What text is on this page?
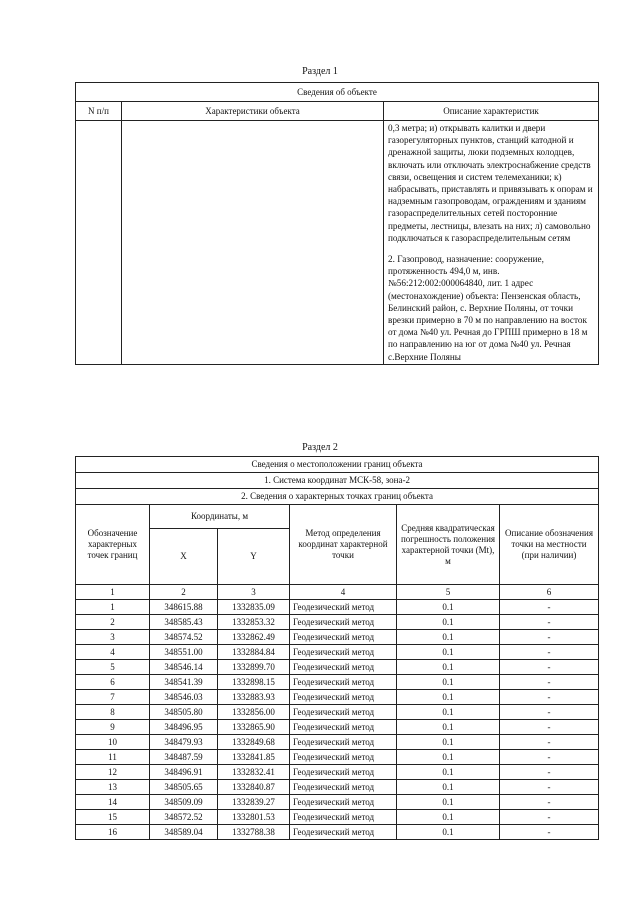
Раздел 1
Сведения об объекте		
N п/п	Характеристики объекта	Описание характеристик

		0,3 метра; и) открывать калитки и двери газорегуляторных пунктов, станций катодной и дренажной защиты, люки подземных колодцев, включать или отключать электроснабжение средств связи, освещения и систем телемеханики; к) набрасывать, приставлять и привязывать к опорам и надземным газопроводам, ограждениям и зданиям газораспределительных сетей посторонние предметы, лестницы, влезать на них; л) самовольно подключаться к газораспределительным сетям
2. Газопровод, назначение: сооружение, протяженность 494,0 м, инв.№56:212:002:000064840, лит. 1 адрес (местонахождение) объекта: Пензенская область, Белинский район, с. Верхние Поляны, от точки врезки примерно в 70 м по направлению на восток от дома №40 ул. Речная до ГРПШ примерно в 18 м по направлению на юг от дома №40 ул. Речная с.Верхние Поляны
Раздел 2
Сведения о местоположении границ объекта					
1. Система координат МСК-58, зона-2					
2. Сведения о характерных точках границ объекта					
Обозначение характерных точек границ	Координаты, м		Метод определения координат характерной точки	Средняя квадратическая погрешность положения характерной точки (Мt), м	Описание обозначения точки на местности (при наличии)
	X	Y			
1	2	3	4	5	6
1	348615.88	1332835.09	Геодезический метод	0.1	-
2	348585.43	1332853.32	Геодезический метод	0.1	-
3	348574.52	1332862.49	Геодезический метод	0.1	-
4	348551.00	1332884.84	Геодезический метод	0.1	-
5	348546.14	1332899.70	Геодезический метод	0.1	-
6	348541.39	1332898.15	Геодезический метод	0.1	-
7	348546.03	1332883.93	Геодезический метод	0.1	-
8	348505.80	1332856.00	Геодезический метод	0.1	-
9	348496.95	1332865.90	Геодезический метод	0.1	-
10	348479.93	1332849.68	Геодезический метод	0.1	-
11	348487.59	1332841.85	Геодезический метод	0.1	-
12	348496.91	1332832.41	Геодезический метод	0.1	-
13	348505.65	1332840.87	Геодезический метод	0.1	-
14	348509.09	1332839.27	Геодезический метод	0.1	-
15	348572.52	1332801.53	Геодезический метод	0.1	-
16	348589.04	1332788.38	Геодезический метод	0.1	-
